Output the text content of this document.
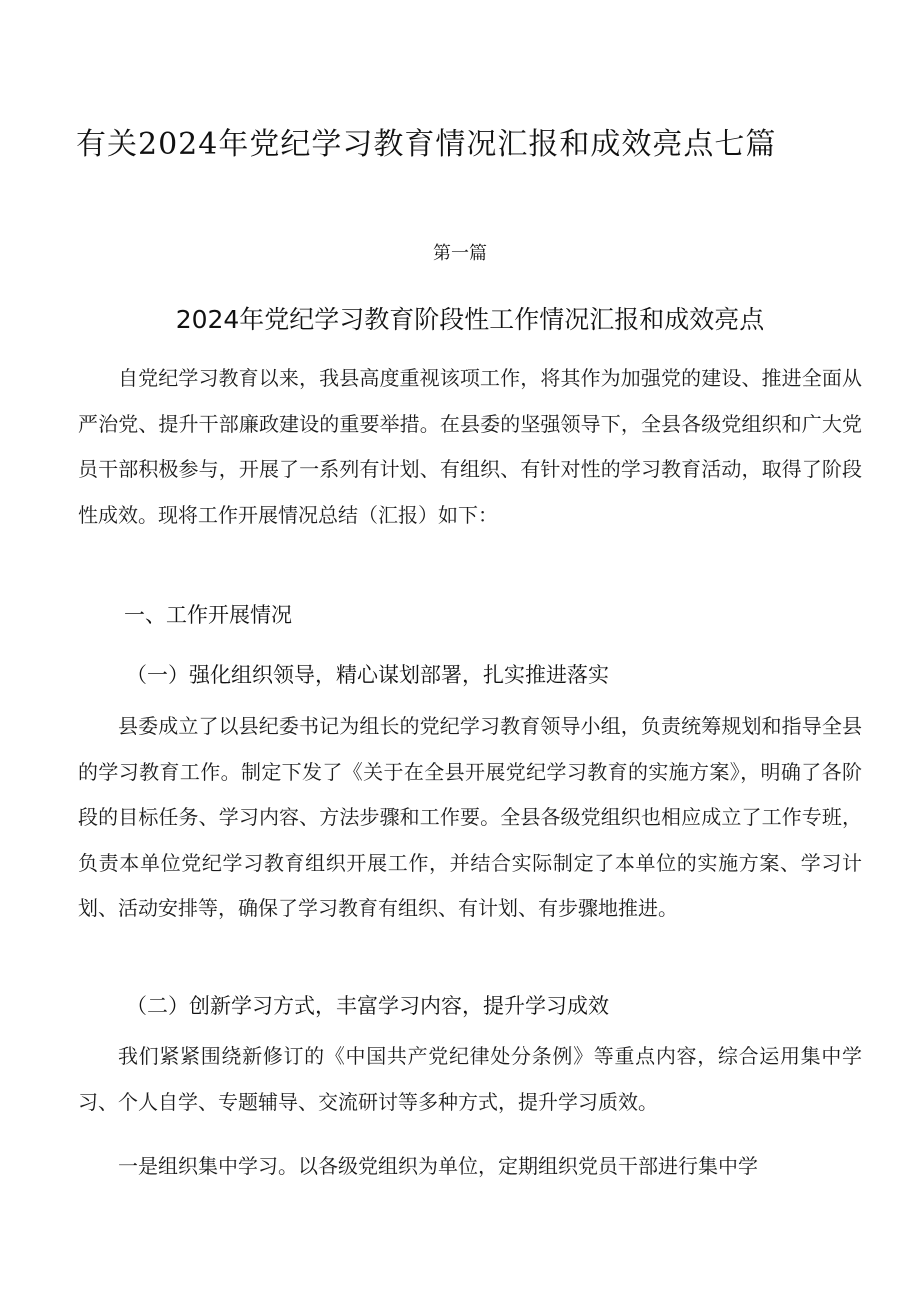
有关2024年党纪学习教育情况汇报和成效亮点七篇
第一篇
2024年党纪学习教育阶段性工作情况汇报和成效亮点

自党纪学习教育以来，我县高度重视该项工作，将其作为加强党的建设、推进全面从严治党、提升干部廉政建设的重要举措。在县委的坚强领导下，全县各级党组织和广大党员干部积极参与，开展了一系列有计划、有组织、有针对性的学习教育活动，取得了阶段性成效。现将工作开展情况总结（汇报）如下：

一、工作开展情况
（一）强化组织领导，精心谋划部署，扎实推进落实

县委成立了以县纪委书记为组长的党纪学习教育领导小组，负责统筹规划和指导全县的学习教育工作。制定下发了《关于在全县开展党纪学习教育的实施方案》，明确了各阶段的目标任务、学习内容、方法步骤和工作要。全县各级党组织也相应成立了工作专班，负责本单位党纪学习教育组织开展工作，并结合实际制定了本单位的实施方案、学习计划、活动安排等，确保了学习教育有组织、有计划、有步骤地推进。

（二）创新学习方式，丰富学习内容，提升学习成效

我们紧紧围绕新修订的《中国共产党纪律处分条例》等重点内容，综合运用集中学习、个人自学、专题辅导、交流研讨等多种方式，提升学习质效。

一是组织集中学习。以各级党组织为单位，定期组织党员干部进行集中学
